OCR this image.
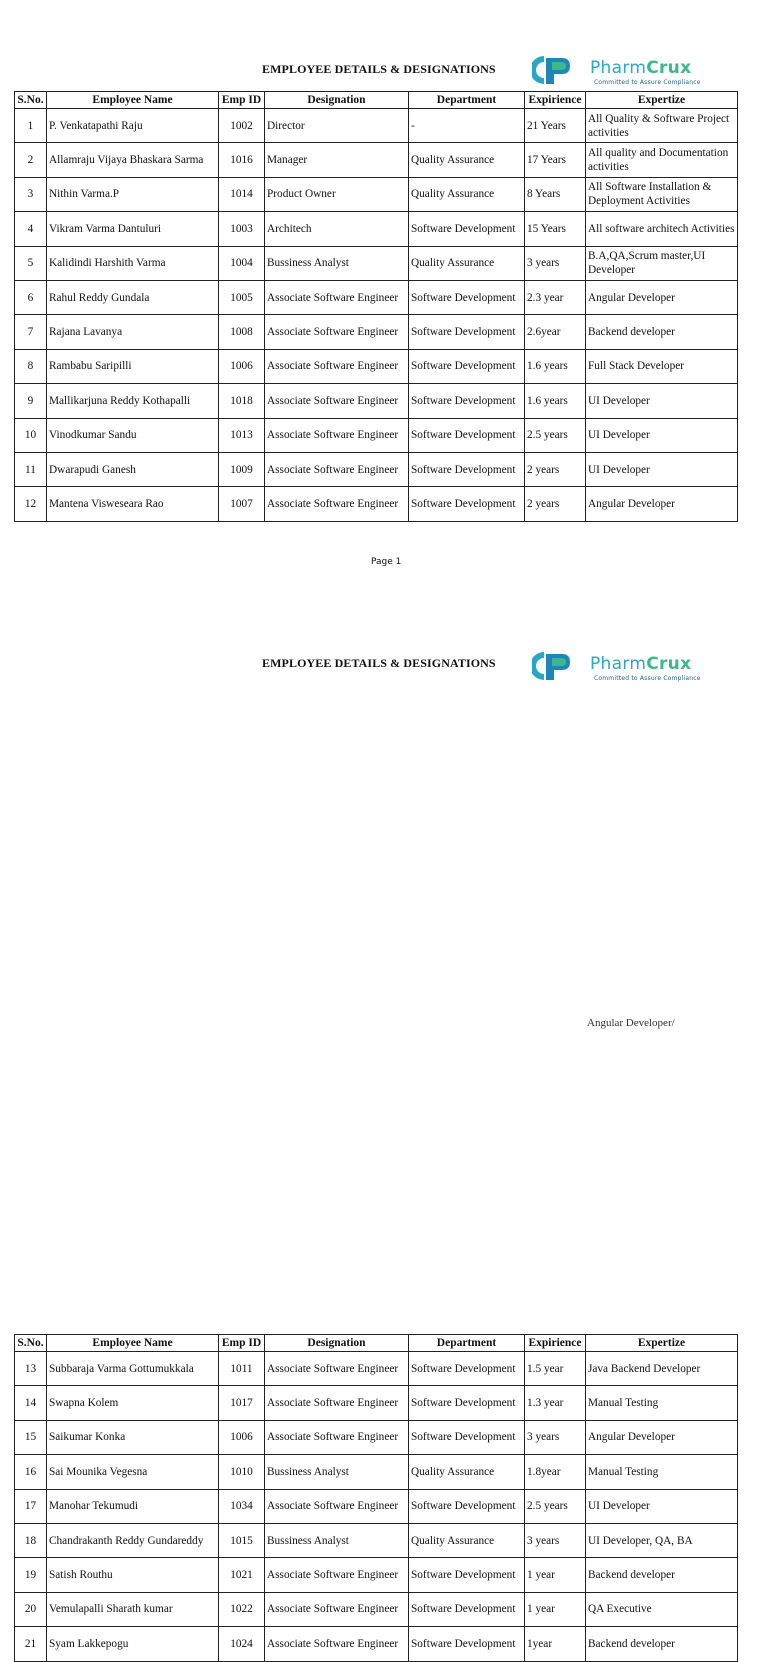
EMPLOYEE DETAILS & DESIGNATIONS	PharmCrux
Committed to Assure Compliance
S.No.	Employee Name	Emp ID	Designation	Department	Expirience	Expertize
1	P. Venkatapathi Raju	1002	Director	-	21 Years	All Quality & Software Project activities
2	Allamraju Vijaya Bhaskara Sarma	1016	Manager	Quality Assurance	17 Years	All quality and Documentation activities
3	Nithin Varma.P	1014	Product Owner	Quality Assurance	8 Years	All Software Installation & Deployment Activities
4	Vikram Varma Dantuluri	1003	Architech	Software Development	15 Years	All software architech Activities
5	Kalidindi Harshith Varma	1004	Bussiness Analyst	Quality Assurance	3 years	B.A,QA,Scrum master,UI Developer
6	Rahul Reddy Gundala	1005	Associate Software Engineer	Software Development	2.3 year	Angular Developer
7	Rajana Lavanya	1008	Associate Software Engineer	Software Development	2.6year	Backend developer
8	Rambabu Saripilli	1006	Associate Software Engineer	Software Development	1.6 years	Full Stack Developer
9	Mallikarjuna Reddy Kothapalli	1018	Associate Software Engineer	Software Development	1.6 years	UI Developer
10	Vinodkumar Sandu	1013	Associate Software Engineer	Software Development	2.5 years	UI Developer
11	Dwarapudi Ganesh	1009	Associate Software Engineer	Software Development	2 years	UI Developer
12	Mantena Visweseara Rao	1007	Associate Software Engineer	Software Development	2 years	Angular Developer
Page 1
EMPLOYEE DETAILS & DESIGNATIONS	PharmCrux
Committed to Assure Compliance
S.No.	Employee Name	Emp ID	Designation	Department	Expirience	Expertize
13	Subbaraja Varma Gottumukkala	1011	Associate Software Engineer	Software Development	1.5 year	Java Backend Developer
14	Swapna Kolem	1017	Associate Software Engineer	Software Development	1.3 year	Manual Testing
15	Saikumar Konka	1006	Associate Software Engineer	Software Development	3 years	Angular Developer
16	Sai Mounika Vegesna	1010	Bussiness Analyst	Quality Assurance	1.8year	Manual Testing
17	Manohar Tekumudi	1034	Associate Software Engineer	Software Development	2.5 years	UI Developer
18	Chandrakanth Reddy Gundareddy	1015	Bussiness Analyst	Quality Assurance	3 years	UI Developer, QA, BA
19	Satish Routhu	1021	Associate Software Engineer	Software Development	1 year	Backend developer
20	Vemulapalli Sharath kumar	1022	Associate Software Engineer	Software Development	1 year	QA Executive
21	Syam Lakkepogu	1024	Associate Software Engineer	Software Development	1year	Backend developer
Angular Developer/
